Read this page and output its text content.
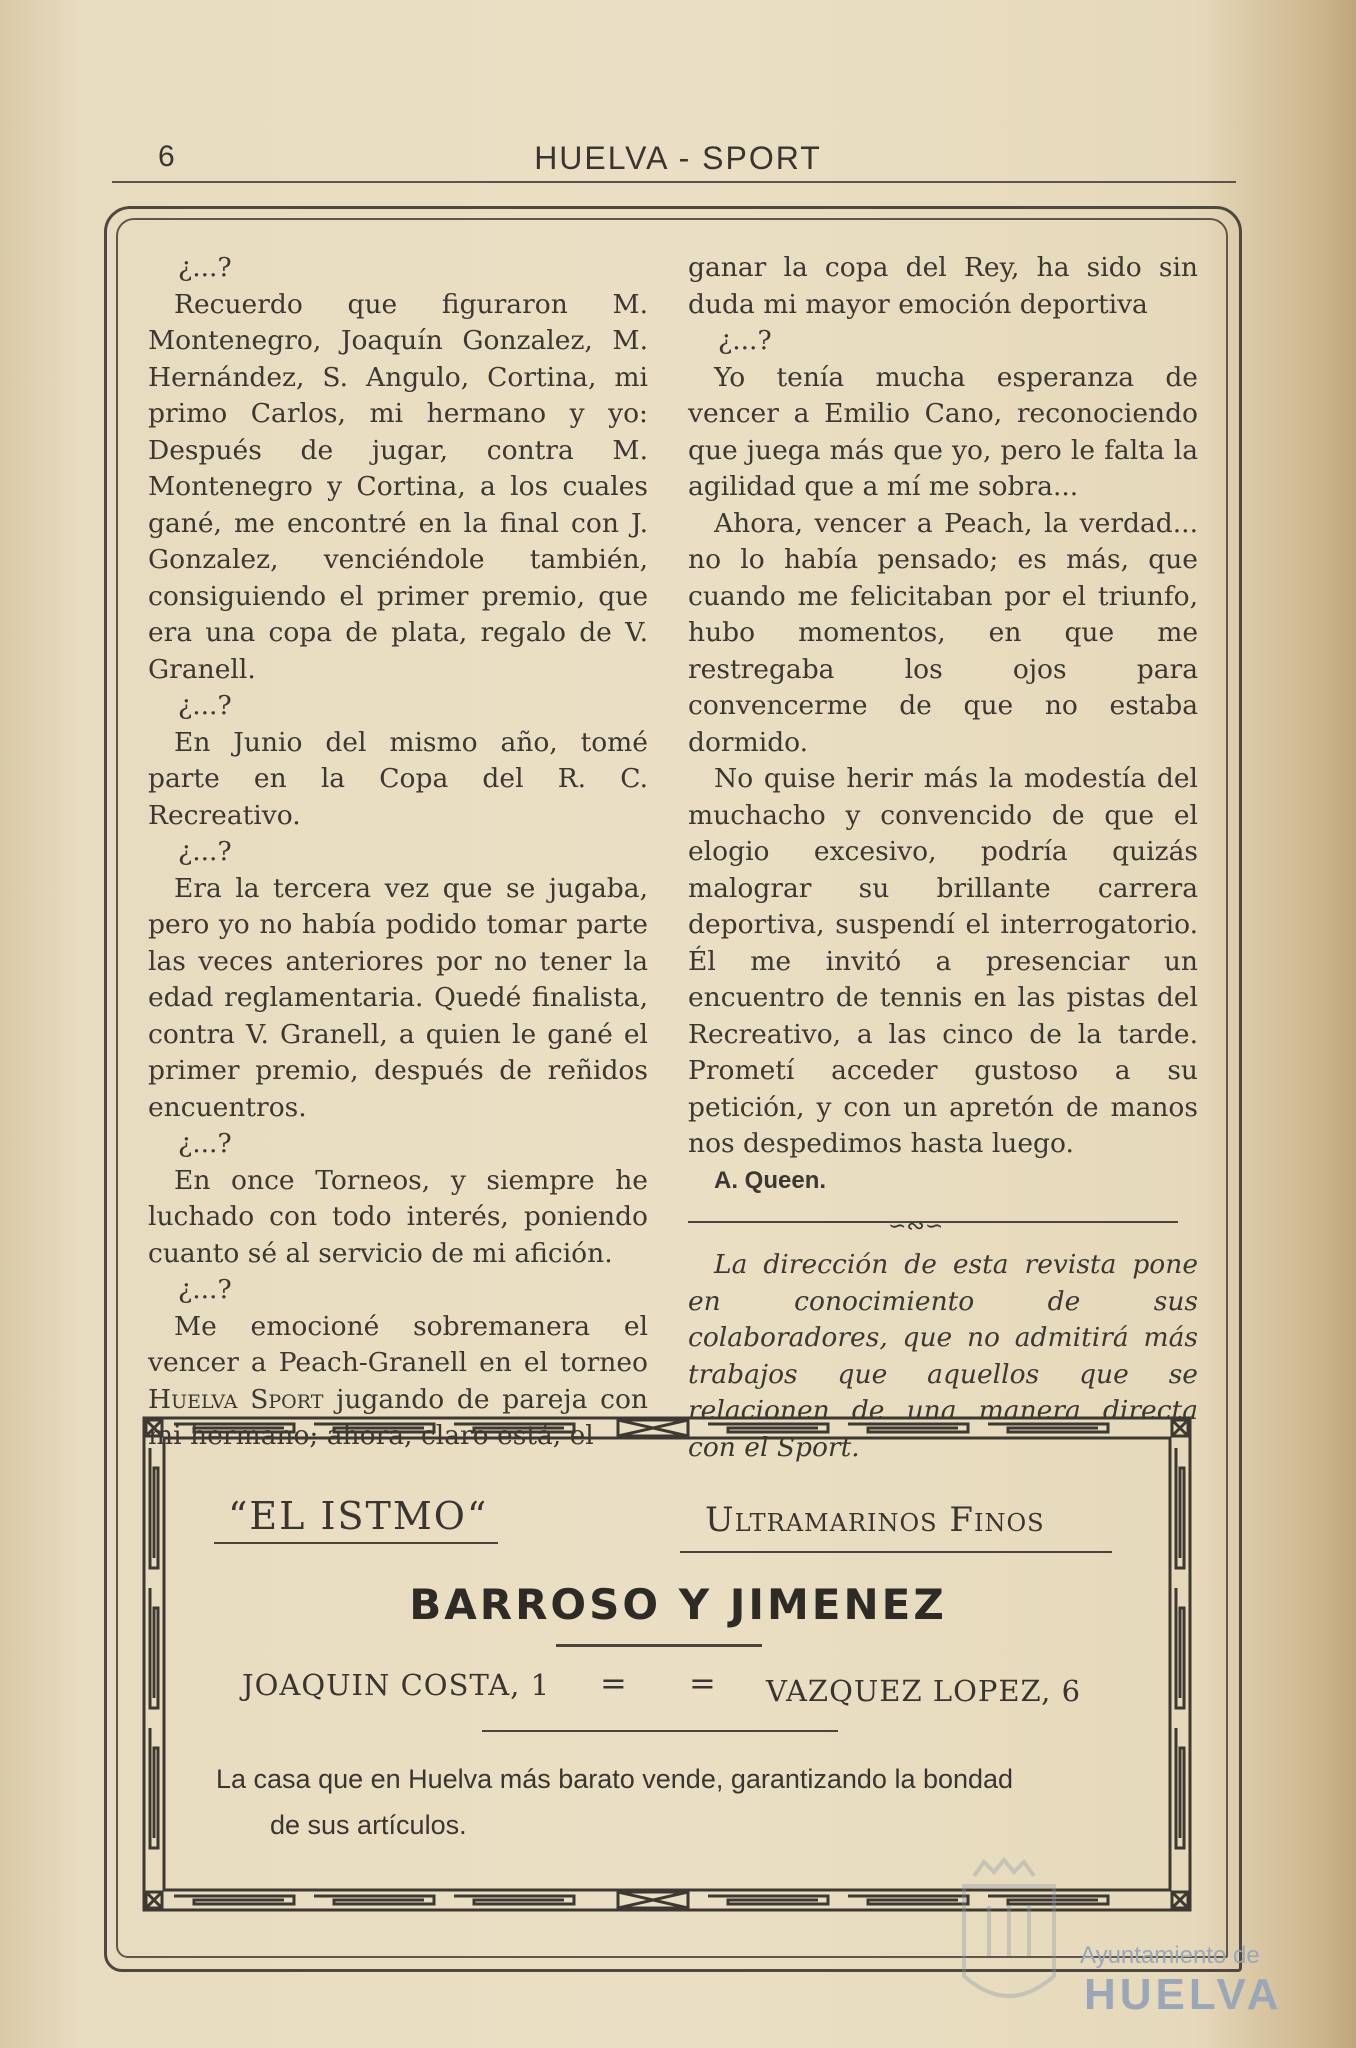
6	HUELVA - SPORT

¿...?

Recuerdo que figuraron M. Montenegro, Joaquín Gonzalez, M. Hernández, S. Angulo, Cortina, mi primo Carlos, mi hermano y yo: Después de jugar, contra M. Montenegro y Cortina, a los cuales gané, me encontré en la final con J. Gonzalez, venciéndole también, consiguiendo el primer premio, que era una copa de plata, regalo de V. Granell.

¿...?

En Junio del mismo año, tomé parte en la Copa del R. C. Recreativo.

¿...?

Era la tercera vez que se jugaba, pero yo no había podido tomar parte las veces anteriores por no tener la edad reglamentaria. Quedé finalista, contra V. Granell, a quien le gané el primer premio, después de reñidos encuentros.

¿...?

En once Torneos, y siempre he luchado con todo interés, poniendo cuanto sé al servicio de mi afición.

¿...?

Me emocioné sobremanera el vencer a Peach-Granell en el torneo Huelva Sport jugando de pareja con mi hermano; ahora, claro está, el

ganar la copa del Rey, ha sido sin duda mi mayor emoción deportiva

¿...?

Yo tenía mucha esperanza de vencer a Emilio Cano, reconociendo que juega más que yo, pero le falta la agilidad que a mí me sobra...

Ahora, vencer a Peach, la verdad... no lo había pensado; es más, que cuando me felicitaban por el triunfo, hubo momentos, en que me restregaba los ojos para convencerme de que no estaba dormido.

No quise herir más la modestía del muchacho y convencido de que el elogio excesivo, podría quizás malograr su brillante carrera deportiva, suspendí el interrogatorio. Él me invitó a presenciar un encuentro de tennis en las pistas del Recreativo, a las cinco de la tarde. Prometí acceder gustoso a su petición, y con un apretón de manos nos despedimos hasta luego.

A. Queen.

∽∾∽

La dirección de esta revista pone en conocimiento de sus colaboradores, que no admitirá más trabajos que aquellos que se relacionen de una manera directa con el Sport.

“EL ISTMO“	Ultramarinos Finos
BARROSO Y JIMENEZ
JOAQUIN COSTA, 1 = = VAZQUEZ LOPEZ, 6
La casa que en Huelva más barato vende, garantizando la bondad
de sus artículos.
Ayuntamiento de
HUELVA
